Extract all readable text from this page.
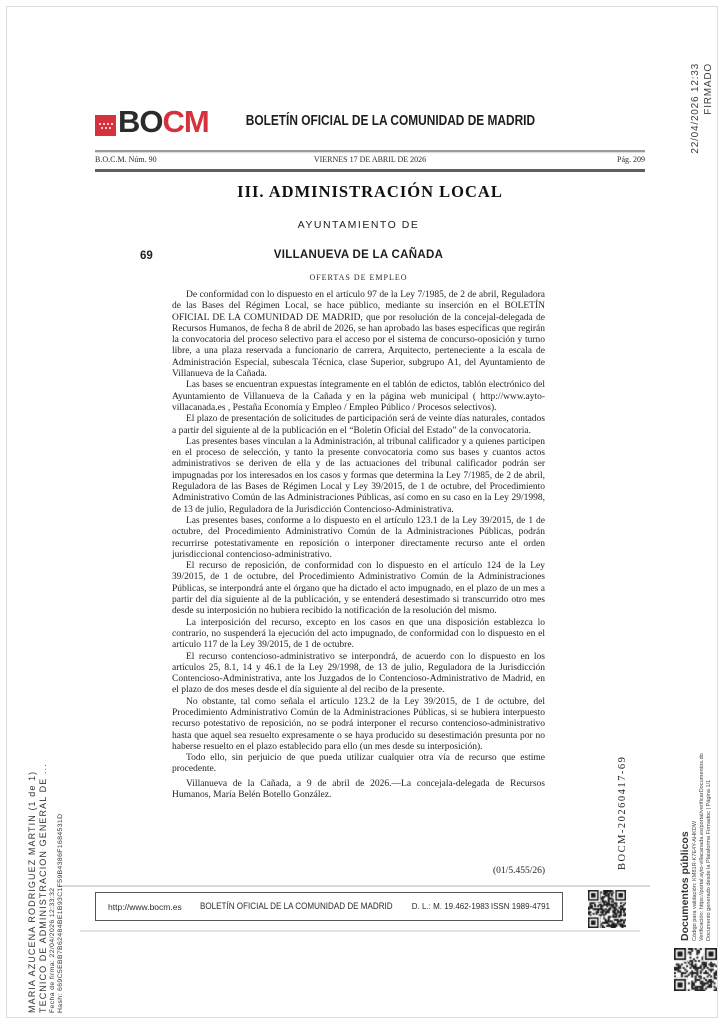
BOCM	BOLETÍN OFICIAL DE LA COMUNIDAD DE MADRID
B.O.C.M. Núm. 90	VIERNES 17 DE ABRIL DE 2026	Pág. 209
III. ADMINISTRACIÓN LOCAL
AYUNTAMIENTO DE
69	VILLANUEVA DE LA CAÑADA
OFERTAS DE EMPLEO

De conformidad con lo dispuesto en el artículo 97 de la Ley 7/1985, de 2 de abril, Reguladora de las Bases del Régimen Local, se hace público, mediante su inserción en el BOLETÍN OFICIAL DE LA COMUNIDAD DE MADRID, que por resolución de la concejal-delegada de Recursos Humanos, de fecha 8 de abril de 2026, se han aprobado las bases específicas que regirán la convocatoria del proceso selectivo para el acceso por el sistema de concurso-oposición y turno libre, a una plaza reservada a funcionario de carrera, Arquitecto, perteneciente a la escala de Administración Especial, subescala Técnica, clase Superior, subgrupo A1, del Ayuntamiento de Villanueva de la Cañada.

Las bases se encuentran expuestas íntegramente en el tablón de edictos, tablón electrónico del Ayuntamiento de Villanueva de la Cañada y en la página web municipal ( http://www.ayto-villacanada.es , Pestaña Economía y Empleo / Empleo Público / Procesos selectivos).

El plazo de presentación de solicitudes de participación será de veinte días naturales, contados a partir del siguiente al de la publicación en el “Boletín Oficial del Estado” de la convocatoria.

Las presentes bases vinculan a la Administración, al tribunal calificador y a quienes participen en el proceso de selección, y tanto la presente convocatoria como sus bases y cuantos actos administrativos se deriven de ella y de las actuaciones del tribunal calificador podrán ser impugnadas por los interesados en los casos y formas que determina la Ley 7/1985, de 2 de abril, Reguladora de las Bases de Régimen Local y Ley 39/2015, de 1 de octubre, del Procedimiento Administrativo Común de las Administraciones Públicas, así como en su caso en la Ley 29/1998, de 13 de julio, Reguladora de la Jurisdicción Contencioso-Administrativa.

Las presentes bases, conforme a lo dispuesto en el artículo 123.1 de la Ley 39/2015, de 1 de octubre, del Procedimiento Administrativo Común de la Administraciones Públicas, podrán recurrirse potestativamente en reposición o interponer directamente recurso ante el orden jurisdiccional contencioso-administrativo.

El recurso de reposición, de conformidad con lo dispuesto en el artículo 124 de la Ley 39/2015, de 1 de octubre, del Procedimiento Administrativo Común de la Administraciones Públicas, se interpondrá ante el órgano que ha dictado el acto impugnado, en el plazo de un mes a partir del día siguiente al de la publicación, y se entenderá desestimado si transcurrido otro mes desde su interposición no hubiera recibido la notificación de la resolución del mismo.

La interposición del recurso, excepto en los casos en que una disposición establezca lo contrario, no suspenderá la ejecución del acto impugnado, de conformidad con lo dispuesto en el artículo 117 de la Ley 39/2015, de 1 de octubre.

El recurso contencioso-administrativo se interpondrá, de acuerdo con lo dispuesto en los artículos 25, 8.1, 14 y 46.1 de la Ley 29/1998, de 13 de julio, Reguladora de la Jurisdicción Contencioso-Administrativa, ante los Juzgados de lo Contencioso-Administrativo de Madrid, en el plazo de dos meses desde el día siguiente al del recibo de la presente.

No obstante, tal como señala el artículo 123.2 de la Ley 39/2015, de 1 de octubre, del Procedimiento Administrativo Común de la Administraciones Públicas, si se hubiera interpuesto recurso potestativo de reposición, no se podrá interponer el recurso contencioso-administrativo hasta que aquel sea resuelto expresamente o se haya producido su desestimación presunta por no haberse resuelto en el plazo establecido para ello (un mes desde su interposición).

Todo ello, sin perjuicio de que pueda utilizar cualquier otra vía de recurso que estime procedente.

Villanueva de la Cañada, a 9 de abril de 2026.—La concejala-delegada de Recursos Humanos, María Belén Botello González.

(01/5.455/26)
http://www.bocm.es BOLETÍN OFICIAL DE LA COMUNIDAD DE MADRID D. L.: M. 19.462-1983 ISSN 1989-4791
MARIA AZUCENA RODRIGUEZ MARTIN (1 de 1) TECNICO DE ADMINISTRACION GENERAL DE ... Fecha de firma: 22/04/2026 12:33:32 Hash: 669C5EBB7B62484BE1B93C1F59B4386F1684531D
22/04/2026 12:33 FIRMADO
BOCM-20260417-69
Documentos públicos Código para validación: KM81R-K7E4Y-AHKDW Verificación: https://portal.ayto-villacanada.es/portal/verificarDocumentos.do Documento generado desde la Plataforma Firmadoc | Página 1/1
